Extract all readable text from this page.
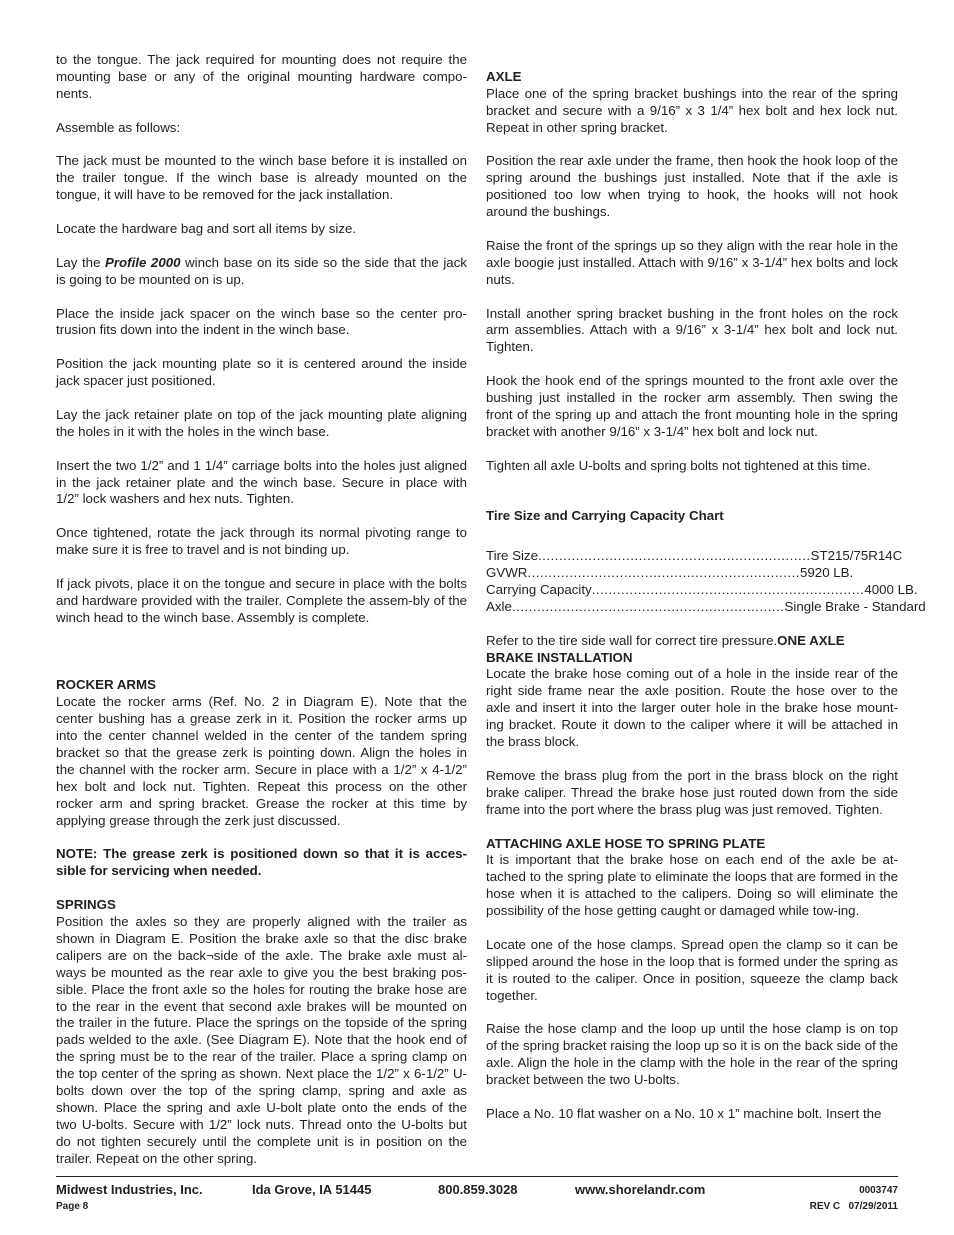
to the tongue. The jack required for mounting does not require the mounting base or any of the original mounting hardware compo-nents.

Assemble as follows:

The jack must be mounted to the winch base before it is installed on the trailer tongue. If the winch base is already mounted on the tongue, it will have to be removed for the jack installation.

Locate the hardware bag and sort all items by size.

Lay the Profile 2000 winch base on its side so the side that the jack is going to be mounted on is up.

Place the inside jack spacer on the winch base so the center pro-trusion fits down into the indent in the winch base.

Position the jack mounting plate so it is centered around the inside jack spacer just positioned.

Lay the jack retainer plate on top of the jack mounting plate aligning the holes in it with the holes in the winch base.

Insert the two 1/2” and 1 1/4” carriage bolts into the holes just aligned in the jack retainer plate and the winch base. Secure in place with 1/2” lock washers and hex nuts. Tighten.

Once tightened, rotate the jack through its normal pivoting range to make sure it is free to travel and is not binding up.

If jack pivots, place it on the tongue and secure in place with the bolts and hardware provided with the trailer. Complete the assem-bly of the winch head to the winch base. Assembly is complete.

ROCKER ARMS
Locate the rocker arms (Ref. No. 2 in Diagram E). Note that the center bushing has a grease zerk in it. Position the rocker arms up into the center channel welded in the center of the tandem spring bracket so that the grease zerk is pointing down. Align the holes in the channel with the rocker arm. Secure in place with a 1/2” x 4-1/2” hex bolt and lock nut. Tighten. Repeat this process on the other rocker arm and spring bracket. Grease the rocker at this time by applying grease through the zerk just discussed.

NOTE: The grease zerk is positioned down so that it is acces-sible for servicing when needed.

SPRINGS
Position the axles so they are properly aligned with the trailer as shown in Diagram E. Position the brake axle so that the disc brake calipers are on the back¬side of the axle. The brake axle must al-ways be mounted as the rear axle to give you the best braking pos-sible. Place the front axle so the holes for routing the brake hose are to the rear in the event that second axle brakes will be mounted on the trailer in the future. Place the springs on the topside of the spring pads welded to the axle. (See Diagram E). Note that the hook end of the spring must be to the rear of the trailer. Place a spring clamp on the top center of the spring as shown. Next place the 1/2” x 6-1/2” U-bolts down over the top of the spring clamp, spring and axle as shown. Place the spring and axle U-bolt plate onto the ends of the two U-bolts. Secure with 1/2” lock nuts. Thread onto the U-bolts but do not tighten securely until the complete unit is in position on the trailer. Repeat on the other spring.

AXLE
Place one of the spring bracket bushings into the rear of the spring bracket and secure with a 9/16” x 3 1/4” hex bolt and hex lock nut. Repeat in other spring bracket.

Position the rear axle under the frame, then hook the hook loop of the spring around the bushings just installed. Note that if the axle is positioned too low when trying to hook, the hooks will not hook around the bushings.

Raise the front of the springs up so they align with the rear hole in the axle boogie just installed. Attach with 9/16” x 3-1/4” hex bolts and lock nuts.

Install another spring bracket bushing in the front holes on the rock arm assemblies. Attach with a 9/16” x 3-1/4” hex bolt and lock nut. Tighten.

Hook the hook end of the springs mounted to the front axle over the bushing just installed in the rocker arm assembly. Then swing the front of the spring up and attach the front mounting hole in the spring bracket with another 9/16” x 3-1/4” hex bolt and lock nut.

Tighten all axle U-bolts and spring bolts not tightened at this time.

Tire Size and Carrying Capacity Chart

Tire Size ................................................................. ST215/75R14C
GVWR ................................................................. 5920 LB.
Carrying Capacity ................................................................. 4000 LB.
Axle ................................................................. Single Brake - Standard

Refer to the tire side wall for correct tire pressure.ONE AXLE
BRAKE INSTALLATION
Locate the brake hose coming out of a hole in the inside rear of the right side frame near the axle position. Route the hose over to the axle and insert it into the larger outer hole in the brake hose mount-ing bracket. Route it down to the caliper where it will be attached in the brass block.

Remove the brass plug from the port in the brass block on the right brake caliper. Thread the brake hose just routed down from the side frame into the port where the brass plug was just removed. Tighten.

ATTACHING AXLE HOSE TO SPRING PLATE
It is important that the brake hose on each end of the axle be at-tached to the spring plate to eliminate the loops that are formed in the hose when it is attached to the calipers. Doing so will eliminate the possibility of the hose getting caught or damaged while tow-ing.

Locate one of the hose clamps. Spread open the clamp so it can be slipped around the hose in the loop that is formed under the spring as it is routed to the caliper. Once in position, squeeze the clamp back together.

Raise the hose clamp and the loop up until the hose clamp is on top of the spring bracket raising the loop up so it is on the back side of the axle. Align the hole in the clamp with the hole in the rear of the spring bracket between the two U-bolts.

Place a No. 10 flat washer on a No. 10 x 1” machine bolt. Insert the

Midwest Industries, Inc.	Ida Grove, IA 51445	800.859.3028	www.shorelandr.com	0003747
Page 8	REV C   07/29/2011
